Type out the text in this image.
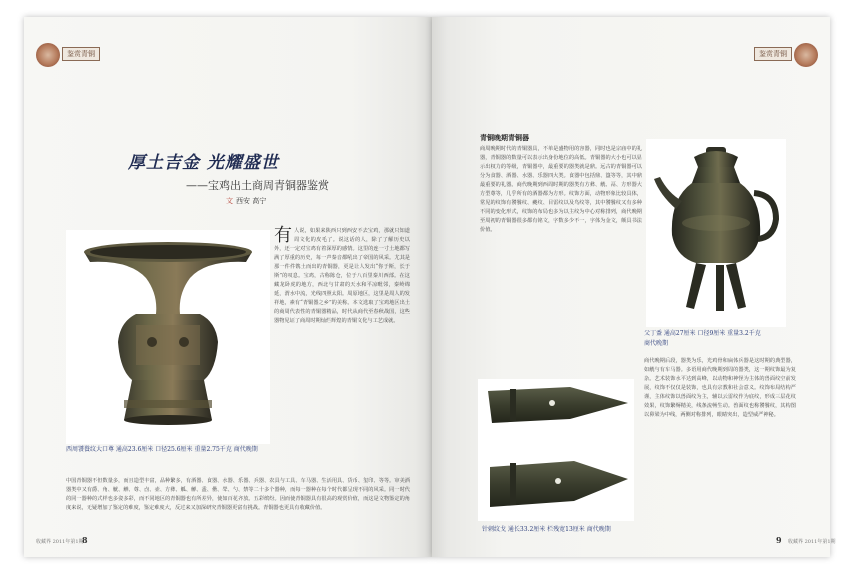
鉴赏青铜
厚土吉金 光耀盛世
——宝鸡出土商周青铜器鉴赏
文 西安 高宁
西周饕餮纹大口尊 通高23.6厘米 口径25.6厘米 重量2.75千克 商代晚期
有人说，如果来陕西只到西安不去宝鸡，那就只知道周文化的皮毛了。说这话的人，除了了解历史以外，还一定对宝鸡有着深厚的感情。这里的连一寸土地都写满了厚重的历史，每一声秦音都吼出了帝国的风采。尤其是那一件件镌土而出的青铜器，更是让人发出“你于斯，长于斯”的叹息。宝鸡，古称陈仓，位于八百里秦川西部。在这藏龙卧虎的地方，西北与甘肃的天水和平凉毗邻，秦岭绵延，渭水中流，光线四照太阳。周原地区，这里是周人的发祥地，素有“青铜器之乡”的美称。本文选取了宝鸡地区出土的商周代表性的青铜器精品，时代从商代至春秋战国，这些器物见证了商周时期灿烂辉煌的青铜文化与工艺成就。
中国青铜器不但数量多，而且造型丰富，品种繁多，有酒器、食器、水器、乐器、兵器、农具与工具、车马器、生活用具、货币、玺印、等等。审美酒器类中又有爵、角、觥、觯、尊、卣、壶、方彝、觚、觯、盉、罍、斝、勺、禁等二十多个器种，而每一器种在每个时代都呈现不同的风采。同一时代的同一器种的式样也多姿多彩，而不同地区的青铜器也有所差异，使如百花齐放。五彩缤纷。因而使青铜器具有很高的观赏价值，而这是文物鉴定的角度来说，无疑增加了鉴定的难度，鉴定难度大，反过来又加深研究青铜器更富有挑战。青铜器也更具有收藏价值。
收藏界 2011年第1期
8
鉴赏青铜
青铜晚期青铜器
商周晚期时代的青铜器具，不单是盛物用的容器，同时也是宗庙中的礼器，青铜器的数量可以表示出身份地位的高低。青铜器的大小也可以显示出权力的等级，青铜器中，最重要的器类就是鼎。远古的青铜器可以分为食器、酒器、水器、乐器四大类。食器中包括鼎、簋等等，其中鼎最重要的礼器。商代晚期到西周时期的器类有方彝、觥、鬲、方形器大方型尊等，几乎所有的酒器都为方形。纹饰方面，动物形象比较具体，常见的纹饰有饕餮纹、夔纹、目雷纹以及鸟纹等，其中饕餮纹又有多种不同的变化形式，纹饰的布局也多为以主纹为中心对称排列，商代晚期至周初的青铜器很多都有铭文，字数多少不一，字体为金文，颇具书法价值。
父丁盉 通高27厘米 口径9厘米 重量3.2千克
商代晚期
针刺纹戈 通长33.2厘米 栏残宽13厘米 商代晚期
商代晚期后段，器类为乐，光鸡骨和扁体兵器是这时期的典型器，如觥与有车马器。多语用商代晚期到周的器类，这一期纹饰最为复杂。艺术装饰水平达到高峰，以动物和神怪为主体的兽面纹空前发展，纹饰不仅仅是装饰，也具有宗教和社会意义。纹饰布局结构严谨，主体纹饰以兽面纹为主，辅以云雷纹作为底纹，形成三层花纹效果，纹饰繁缛精美，线条流畅生动。兽面纹也称饕餮纹，其构图以鼻梁为中线，两侧对称排列，眼睛突出，造型威严神秘。
9 收藏界 2011年第1期
